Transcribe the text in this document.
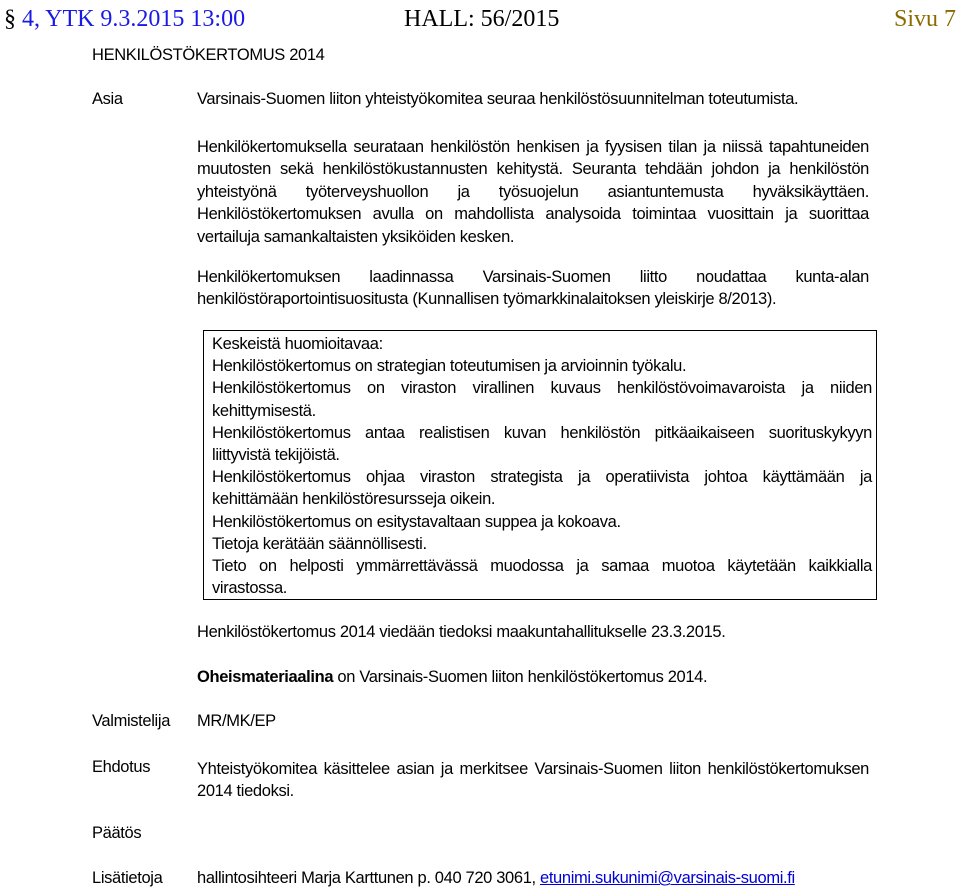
§ 4, YTK 9.3.2015 13:00	HALL: 56/2015	Sivu 7
HENKILÖSTÖKERTOMUS 2014
Asia	Varsinais-Suomen liiton yhteistyökomitea seuraa henkilöstösuunnitelman toteutumista.

Henkilökertomuksella seurataan henkilöstön henkisen ja fyysisen tilan ja niissä tapahtuneiden muutosten sekä henkilöstökustannusten kehitystä. Seuranta tehdään johdon ja henkilöstön yhteistyönä työterveyshuollon ja työsuojelun asiantuntemusta hyväksikäyttäen. Henkilöstökertomuksen avulla on mahdollista analysoida toimintaa vuosittain ja suorittaa vertailuja samankaltaisten yksiköiden kesken.

Henkilökertomuksen laadinnassa Varsinais-Suomen liitto noudattaa kunta-alan henkilöstöraportointisuositusta (Kunnallisen työmarkkinalaitoksen yleiskirje 8/2013).

Keskeistä huomioitavaa:

Henkilöstökertomus on strategian toteutumisen ja arvioinnin työkalu.

Henkilöstökertomus on viraston virallinen kuvaus henkilöstövoimavaroista ja niiden kehittymisestä.

Henkilöstökertomus antaa realistisen kuvan henkilöstön pitkäaikaiseen suorituskykyyn liittyvistä tekijöistä.

Henkilöstökertomus ohjaa viraston strategista ja operatiivista johtoa käyttämään ja kehittämään henkilöstöresursseja oikein.

Henkilöstökertomus on esitystavaltaan suppea ja kokoava.

Tietoja kerätään säännöllisesti.

Tieto on helposti ymmärrettävässä muodossa ja samaa muotoa käytetään kaikkialla virastossa.

Henkilöstökertomus 2014 viedään tiedoksi maakuntahallitukselle 23.3.2015.
Oheismateriaalina on Varsinais-Suomen liiton henkilöstökertomus 2014.
Valmistelija MR/MK/EP
Ehdotus	Yhteistyökomitea käsittelee asian ja merkitsee Varsinais-Suomen liiton henkilöstökertomuksen 2014 tiedoksi.

Päätös
Lisätietoja hallintosihteeri Marja Karttunen p. 040 720 3061, etunimi.sukunimi@varsinais-suomi.fi
